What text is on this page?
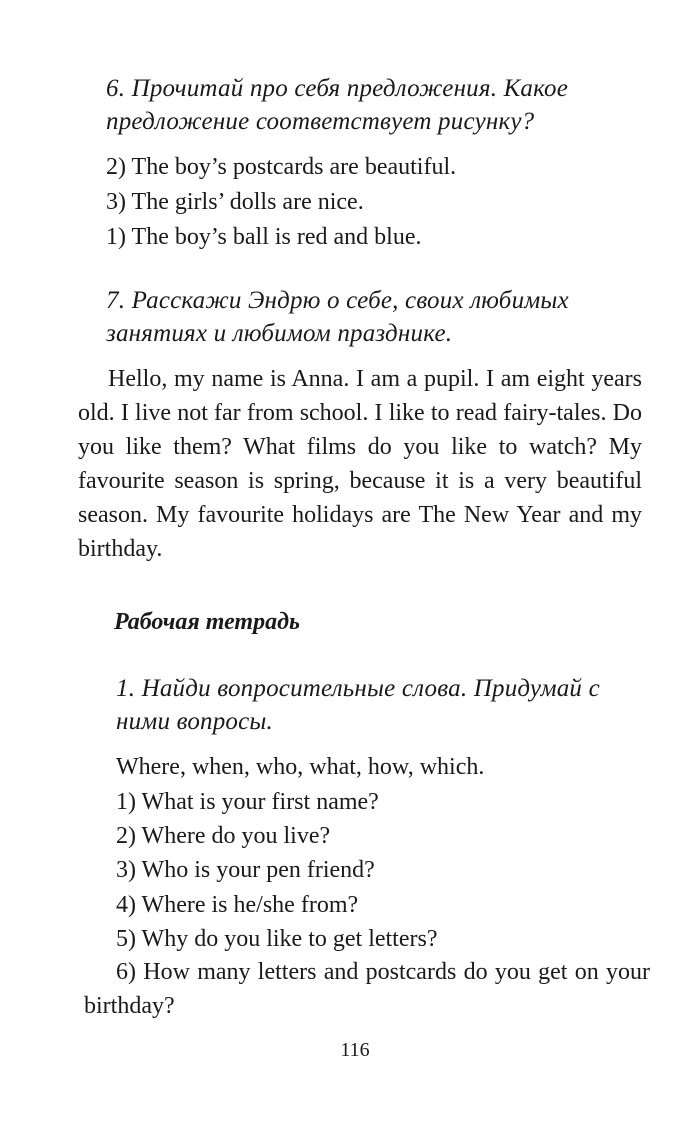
6. Прочитай про себя предложения. Какое предложение соответствует рисунку?
2) The boy’s postcards are beautiful.
3) The girls’ dolls are nice.
1) The boy’s ball is red and blue.
7. Расскажи Эндрю о себе, своих любимых занятиях и любимом празднике.
Hello, my name is Anna. I am a pupil. I am eight years old. I live not far from school. I like to read fairy-tales. Do you like them? What films do you like to watch? My favourite season is spring, because it is a very beautiful season. My favourite holidays are The New Year and my birthday.
Рабочая тетрадь
1. Найди вопросительные слова. Придумай с ними вопросы.
Where, when, who, what, how, which.
1) What is your first name?
2) Where do you live?
3) Who is your pen friend?
4) Where is he/she from?
5) Why do you like to get letters?
6) How many letters and postcards do you get on your birthday?
116
